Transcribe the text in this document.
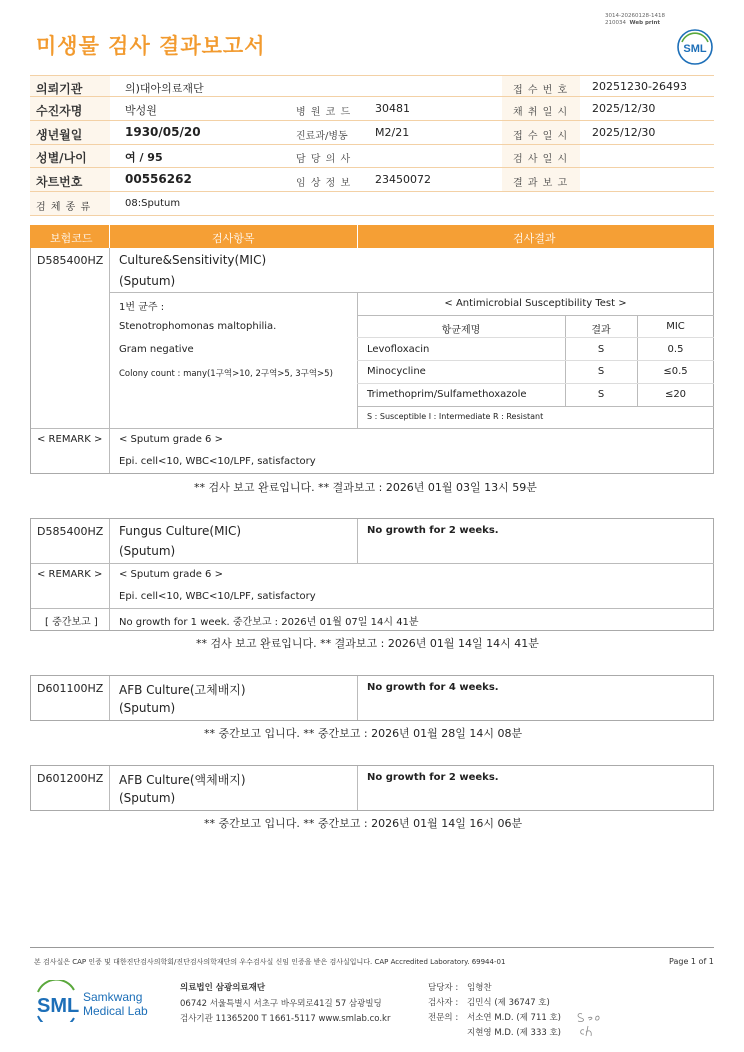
미생물 검사 결과보고서
3014-20260128-1418
210034 Web print
SML
의뢰기관	의)대아의료재단	접 수 번 호 20251230-26493
수진자명	박성원	병 원 코 드 30481	채 취 일 시 2025/12/30
생년월일	1930/05/20	진료과/병동 M2/21	접 수 일 시 2025/12/30
성별/나이	여 / 95	담 당 의 사	검 사 일 시
차트번호	00556262	임 상 정 보 23450072	결 과 보 고
검 체 종 류	08:Sputum
보험코드	검사항목	검사결과
D585400HZ Culture&Sensitivity(MIC)
(Sputum)
1번 균주 :
Stenotrophomonas maltophilia.
Gram negative
Colony count : many(1구역>10, 2구역>5, 3구역>5)
< Antimicrobial Susceptibility Test >
항균제명	결과	MIC
Levofloxacin	S	0.5
Minocycline	S	≤0.5
Trimethoprim/Sulfamethoxazole	S	≤20
S : Susceptible I : Intermediate R : Resistant
< REMARK > < Sputum grade 6 >
Epi. cell<10, WBC<10/LPF, satisfactory
** 검사 보고 완료입니다. ** 결과보고 : 2026년 01월 03일 13시 59분
D585400HZ Fungus Culture(MIC)
(Sputum)
No growth for 2 weeks.
< REMARK > < Sputum grade 6 >
Epi. cell<10, WBC<10/LPF, satisfactory
[ 중간보고 ] No growth for 1 week. 중간보고 : 2026년 01월 07일 14시 41분
** 검사 보고 완료입니다. ** 결과보고 : 2026년 01월 14일 14시 41분
D601100HZ AFB Culture(고체배지)
(Sputum)
No growth for 4 weeks.
** 중간보고 입니다. ** 중간보고 : 2026년 01월 28일 14시 08분
D601200HZ AFB Culture(액체배지)
(Sputum)
No growth for 2 weeks.
** 중간보고 입니다. ** 중간보고 : 2026년 01월 14일 16시 06분
본 검사실은 CAP 인증 및 대한진단검사의학회/진단검사의학재단의 우수검사실 신임 인증을 받은 검사실입니다. CAP Accredited Laboratory. 69944-01	Page 1 of 1
SML Samkwang
Medical Lab
의료법인 삼광의료재단
06742 서울특별시 서초구 바우뫼로41길 57 삼광빌딩
검사기관 11365200 T 1661-5117 www.smlab.co.kr
담당자 : 임형찬
검사자 : 김민식 (제 36747 호)
전문의 : 서소연 M.D. (제 711 호)
지현영 M.D. (제 333 호)
